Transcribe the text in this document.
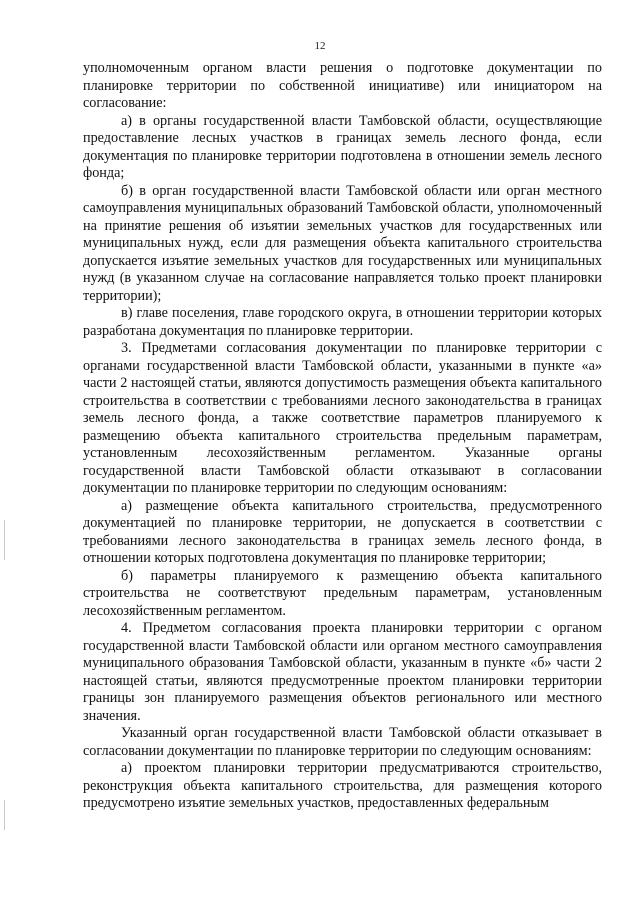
12

уполномоченным органом власти решения о подготовке документации по планировке территории по собственной инициативе) или инициатором на согласование:

а) в органы государственной власти Тамбовской области, осуществляющие предоставление лесных участков в границах земель лесного фонда, если документация по планировке территории подготовлена в отношении земель лесного фонда;

б) в орган государственной власти Тамбовской области или орган местного самоуправления муниципальных образований Тамбовской области, уполномоченный на принятие решения об изъятии земельных участков для государственных или муниципальных нужд, если для размещения объекта капитального строительства допускается изъятие земельных участков для государственных или муниципальных нужд (в указанном случае на согласование направляется только проект планировки территории);

в) главе поселения, главе городского округа, в отношении территории которых разработана документация по планировке территории.

3. Предметами согласования документации по планировке территории с органами государственной власти Тамбовской области, указанными в пункте «а» части 2 настоящей статьи, являются допустимость размещения объекта капитального строительства в соответствии с требованиями лесного законодательства в границах земель лесного фонда, а также соответствие параметров планируемого к размещению объекта капитального строительства предельным параметрам, установленным лесохозяйственным регламентом. Указанные органы государственной власти Тамбовской области отказывают в согласовании документации по планировке территории по следующим основаниям:

а) размещение объекта капитального строительства, предусмотренного документацией по планировке территории, не допускается в соответствии с требованиями лесного законодательства в границах земель лесного фонда, в отношении которых подготовлена документация по планировке территории;

б) параметры планируемого к размещению объекта капитального строительства не соответствуют предельным параметрам, установленным лесохозяйственным регламентом.

4. Предметом согласования проекта планировки территории с органом государственной власти Тамбовской области или органом местного самоуправления муниципального образования Тамбовской области, указанным в пункте «б» части 2 настоящей статьи, являются предусмотренные проектом планировки территории границы зон планируемого размещения объектов регионального или местного значения.

Указанный орган государственной власти Тамбовской области отказывает в согласовании документации по планировке территории по следующим основаниям:

а) проектом планировки территории предусматриваются строительство, реконструкция объекта капитального строительства, для размещения которого предусмотрено изъятие земельных участков, предоставленных федеральным
